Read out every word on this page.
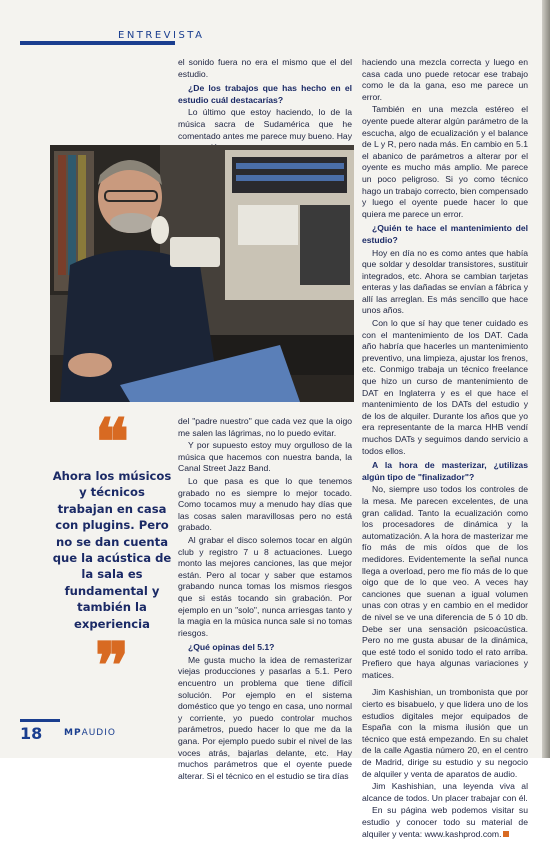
ENTREVISTA

el sonido fuera no era el mismo que el del estudio.

¿De los trabajos que has hecho en el estudio cuál destacarías?

Lo último que estoy haciendo, lo de la música sacra de Sudamérica que he comentado antes me parece muy bueno. Hay

❝
Ahora los músicos y técnicos trabajan en casa con plugins. Pero no se dan cuenta que la acústica de la sala es fundamental y también la experiencia
❞

del "padre nuestro" que cada vez que la oigo me salen las lágrimas, no lo puedo evitar.

Y por supuesto estoy muy orgulloso de la música que hacemos con nuestra banda, la Canal Street Jazz Band.

Lo que pasa es que lo que tenemos grabado no es siempre lo mejor tocado. Como tocamos muy a menudo hay días que las cosas salen maravillosas pero no está grabado.

Al grabar el disco solemos tocar en algún club y registro 7 u 8 actuaciones. Luego monto las mejores canciones, las que mejor están. Pero al tocar y saber que estamos grabando nunca tomas los mismos riesgos que si estás tocando sin grabación. Por ejemplo en un "solo", nunca arriesgas tanto y la magia en la música nunca sale si no tomas riesgos.

¿Qué opinas del 5.1?

Me gusta mucho la idea de remasterizar viejas producciones y pasarlas a 5.1. Pero encuentro un problema que tiene difícil solución. Por ejemplo en el sistema doméstico que yo tengo en casa, uno normal y corriente, yo puedo controlar muchos parámetros, puedo hacer lo que me da la gana. Por ejemplo puedo subir el nivel de las voces atrás, bajarlas delante, etc. Hay muchos parámetros que el oyente puede alterar. Si el técnico en el estudio se tira días

haciendo una mezcla correcta y luego en casa cada uno puede retocar ese trabajo como le da la gana, eso me parece un error.

También en una mezcla estéreo el oyente puede alterar algún parámetro de la escucha, algo de ecualización y el balance de L y R, pero nada más. En cambio en 5.1 el abanico de parámetros a alterar por el oyente es mucho más amplio. Me parece un poco peligroso. Si yo como técnico hago un trabajo correcto, bien compensado y luego el oyente puede hacer lo que quiera me parece un error.

¿Quién te hace el mantenimiento del estudio?

Hoy en día no es como antes que había que soldar y desoldar transistores, sustituir integrados, etc. Ahora se cambian tarjetas enteras y las dañadas se envían a fábrica y allí las arreglan. Es más sencillo que hace unos años.

Con lo que sí hay que tener cuidado es con el mantenimiento de los DAT. Cada año habría que hacerles un mantenimiento preventivo, una limpieza, ajustar los frenos, etc. Conmigo trabaja un técnico freelance que hizo un curso de mantenimiento de DAT en Inglaterra y es el que hace el mantenimiento de los DATs del estudio y de los de alquiler. Durante los años que yo era representante de la marca HHB vendí muchos DATs y seguimos dando servicio a todos ellos.

A la hora de masterizar, ¿utilizas algún tipo de "finalizador"?

No, siempre uso todos los controles de la mesa. Me parecen excelentes, de una gran calidad. Tanto la ecualización como los procesadores de dinámica y la automatización. A la hora de masterizar me fío más de mis oídos que de los medidores. Evidentemente la señal nunca llega a overload, pero me fío más de lo que oigo que de lo que veo. A veces hay canciones que suenan a igual volumen unas con otras y en cambio en el medidor de nivel se ve una diferencia de 5 ó 10 db. Debe ser una sensación psicoacústica. Pero no me gusta abusar de la dinámica, que esté todo el sonido todo el rato arriba. Prefiero que haya algunas variaciones y matices.

Jim Kashishian, un trombonista que por cierto es bisabuelo, y que lidera uno de los estudios digitales mejor equipados de España con la misma ilusión que un técnico que está empezando. En su chalet de la calle Agastia número 20, en el centro de Madrid, dirige su estudio y su negocio de alquiler y venta de aparatos de audio.

Jim Kashishian, una leyenda viva al alcance de todos. Un placer trabajar con él.

En su página web podemos visitar su estudio y conocer todo su material de alquiler y venta: www.kashprod.com.

18 MPAUDIO
